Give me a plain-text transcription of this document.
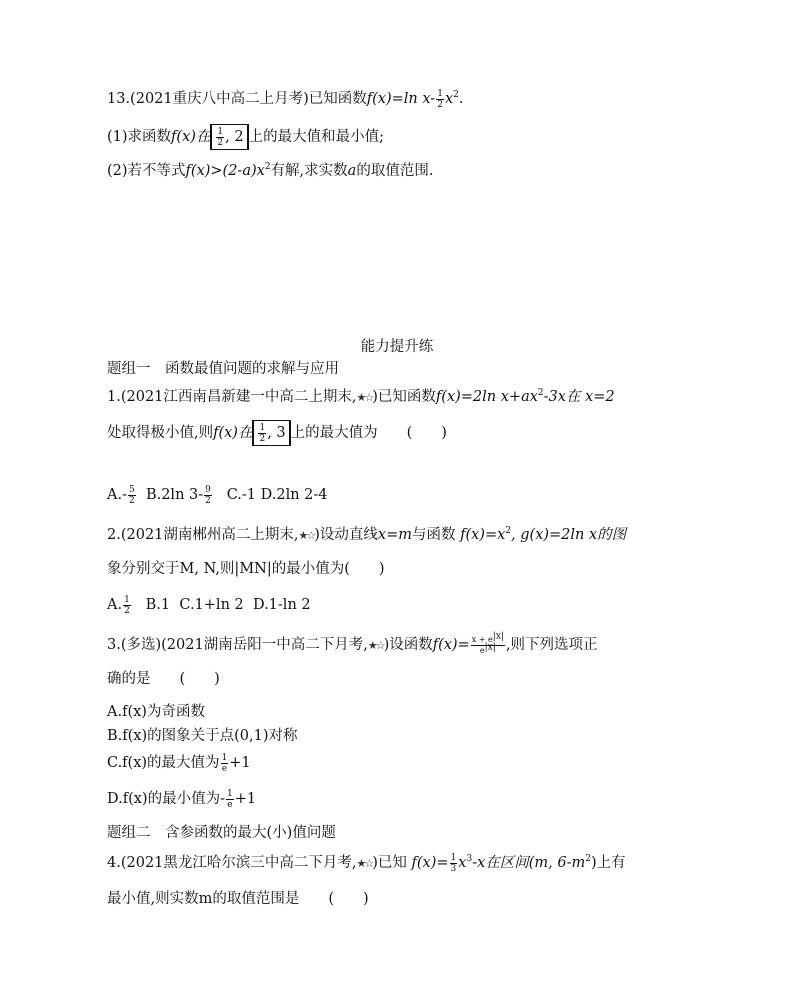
13.(2021重庆八中高二上月考)已知函数f(x)=ln $x- \frac{1}{2} x^2$.
(1)求函数f(x)在 $\frac{1}{2}$ , 2 上的最大值和最小值;
(2)若不等式$f(x)>(2-a)x^2$有解,求实数a的取值范围.
能力提升练
题组一　函数最值问题的求解与应用
1.(2021江西南昌新建一中高二上期末,★☆)已知函数f(x)=2ln $x+ax^2-3x$在 x=2
处取得极小值,则f(x)在 $\frac{1}{2}$ , 3 上的最大值为　　(　　)
$A.- \frac{5}{2} B.2\ln$ $3- \frac{9}{2} C.-1$ D.2ln 2-4
2.(2021湖南郴州高二上期末,★☆)设动直线x=m与函数 $f(x)=x^2$, g(x)=2ln x的图
象分别交于M, N,则|MN|的最小值为(　　)
A. $\frac{1}{2} B.1$ C.1+ln 2 D.1-ln 2
3.(多选)(2021湖南岳阳一中高二下月考,★☆)设函数$f(x)= \frac{x + e|x|}{e|x|}$ ,则下列选项正
确的是　　(　　)
A.f(x)为奇函数
B.f(x)的图象关于点(0,1)对称
C.f(x)的最大值为 $\frac{1}{e} +1$
D.f(x)的最小值为- $\frac{1}{e} +1$
题组二　含参函数的最大(小)值问题
4.(2021黑龙江哈尔滨三中高二下月考,★☆)已知 $f(x)= \frac{1}{3} x^3-x$在区间(m, $6-m^2$)上有
最小值,则实数m的取值范围是　　(　　)
